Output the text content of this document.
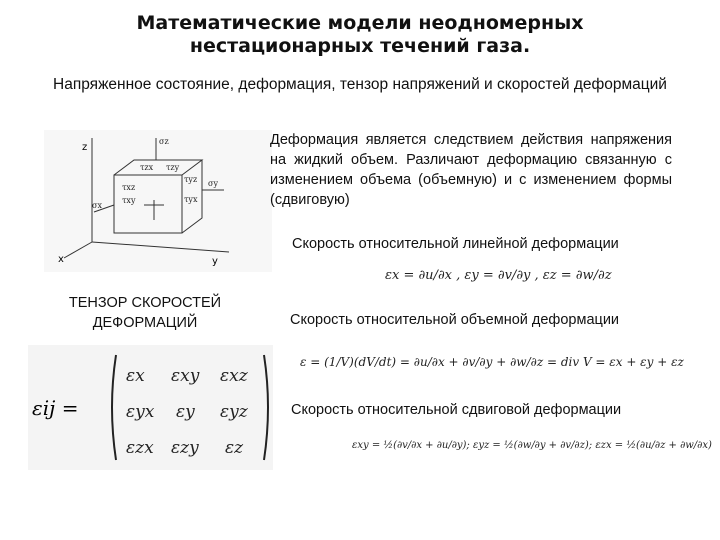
Математические модели неодномерных
нестационарных течений газа.
Напряженное состояние, деформация, тензор напряжений и скоростей деформаций
z
x	y
σz
τzy
τzx
τyz
τxz
τxy
σy
τyx
σx
Деформация является следствием действия напряжения на жидкий объем. Различают деформацию связанную с изменением объема (объемную) и с изменением формы (сдвиговую)
Скорость относительной линейной деформации
εx = ∂u/∂x , εy = ∂v/∂y , εz = ∂w/∂z
ТЕНЗОР СКОРОСТЕЙ
ДЕФОРМАЦИЙ	Скорость относительной объемной деформации
ε = (1/V)(dV/dt) = ∂u/∂x + ∂v/∂y + ∂w/∂z = div V = εx + εy + εz
Скорость относительной сдвиговой деформации
εxy = ½(∂v/∂x + ∂u/∂y); εyz = ½(∂w/∂y + ∂v/∂z); εzx = ½(∂u/∂z + ∂w/∂x)
εij =
εx εxy εxz
εyx εy εyz
εzx εzy εz
